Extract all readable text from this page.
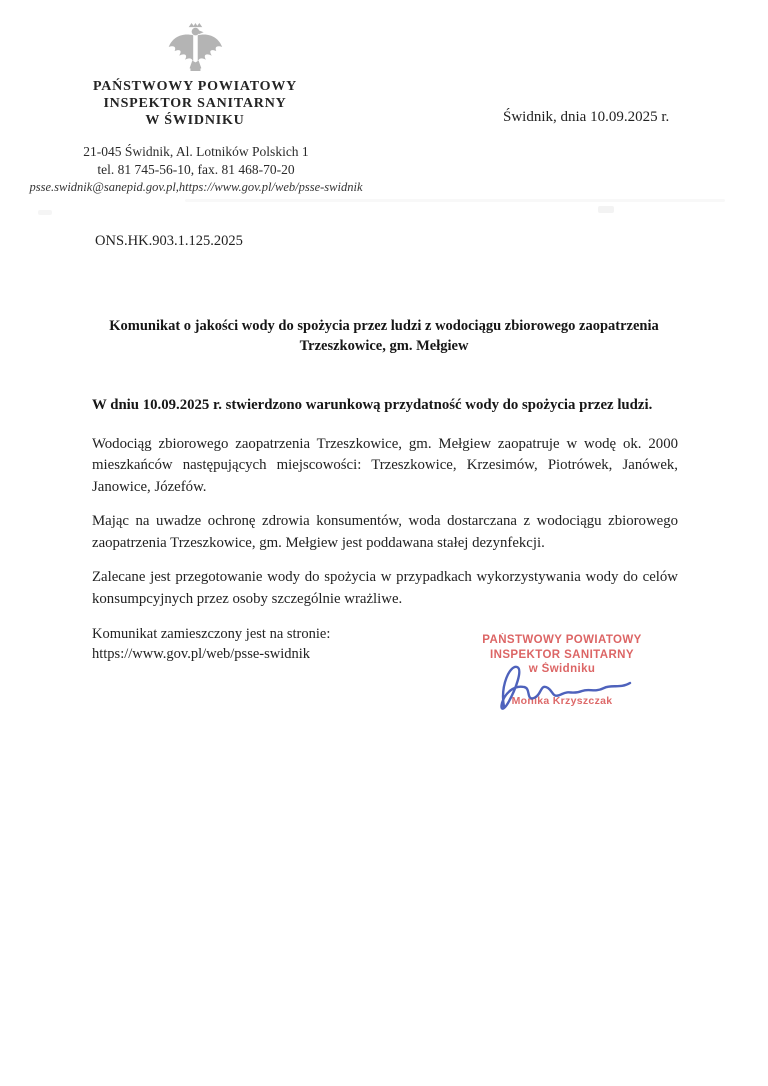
PAŃSTWOWY POWIATOWY
INSPEKTOR SANITARNY
W ŚWIDNIKU	Świdnik, dnia 10.09.2025 r.
21-045 Świdnik, Al. Lotników Polskich 1
tel. 81 745-56-10, fax. 81 468-70-20
psse.swidnik@sanepid.gov.pl,https://www.gov.pl/web/psse-swidnik
ONS.HK.903.1.125.2025
Komunikat o jakości wody do spożycia przez ludzi z wodociągu zbiorowego zaopatrzenia
Trzeszkowice, gm. Mełgiew

W dniu 10.09.2025 r. stwierdzono warunkową przydatność wody do spożycia przez ludzi.

Wodociąg zbiorowego zaopatrzenia Trzeszkowice, gm. Mełgiew zaopatruje w wodę ok. 2000 mieszkańców następujących miejscowości: Trzeszkowice, Krzesimów, Piotrówek, Janówek, Janowice, Józefów.

Mając na uwadze ochronę zdrowia konsumentów, woda dostarczana z wodociągu zbiorowego zaopatrzenia Trzeszkowice, gm. Mełgiew jest poddawana stałej dezynfekcji.

Zalecane jest przegotowanie wody do spożycia w przypadkach wykorzystywania wody do celów konsumpcyjnych przez osoby szczególnie wrażliwe.

Komunikat zamieszczony jest na stronie:
https://www.gov.pl/web/psse-swidnik
PAŃSTWOWY POWIATOWY
INSPEKTOR SANITARNY
w Świdniku
Monika Krzyszczak
